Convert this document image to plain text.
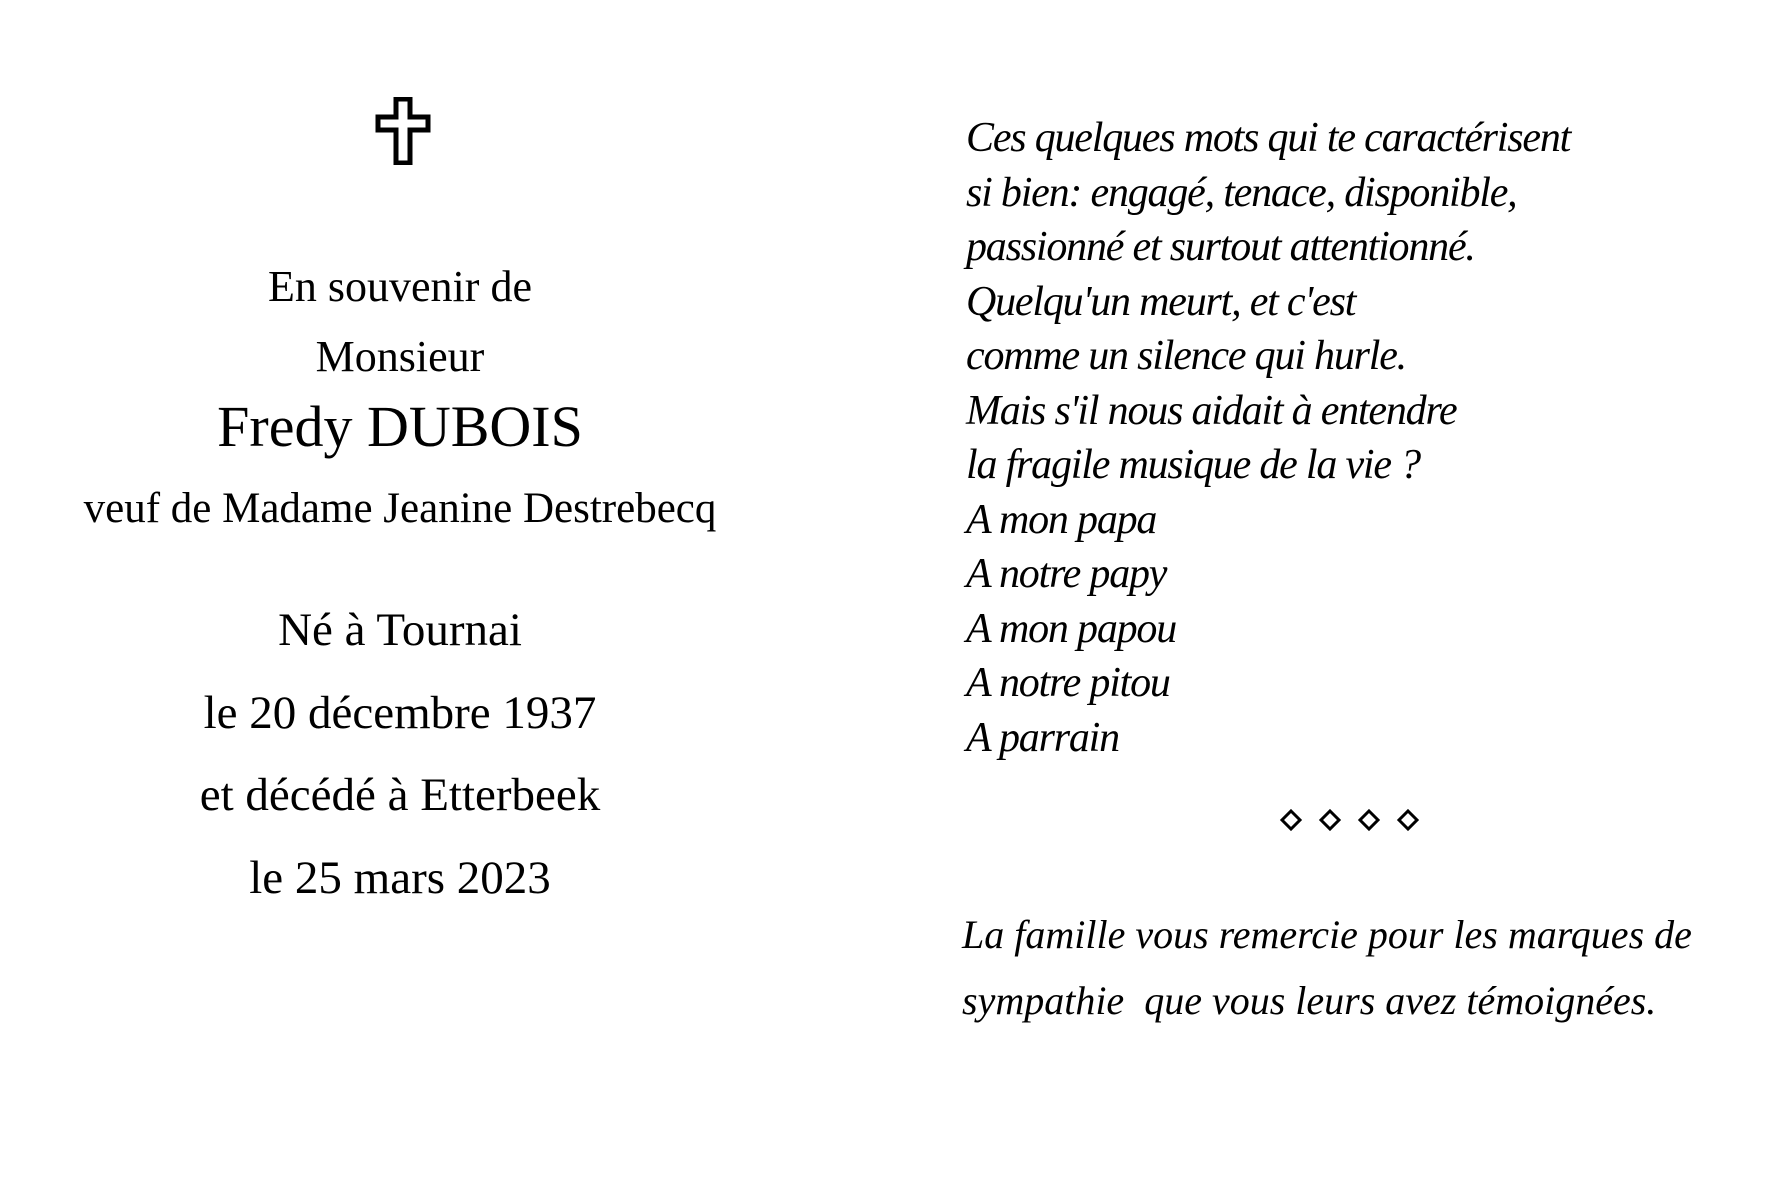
En souvenir de
Monsieur
Fredy DUBOIS
veuf de Madame Jeanine Destrebecq
Né à Tournai
le 20 décembre 1937
et décédé à Etterbeek
le 25 mars 2023
Ces quelques mots qui te caractérisent
si bien: engagé, tenace, disponible,
passionné et surtout attentionné.
Quelqu'un meurt, et c'est
comme un silence qui hurle.
Mais s'il nous aidait à entendre
la fragile musique de la vie ?
A mon papa
A notre papy
A mon papou
A notre pitou
A parrain
La famille vous remercie pour les marques de
sympathie  que vous leurs avez témoignées.
